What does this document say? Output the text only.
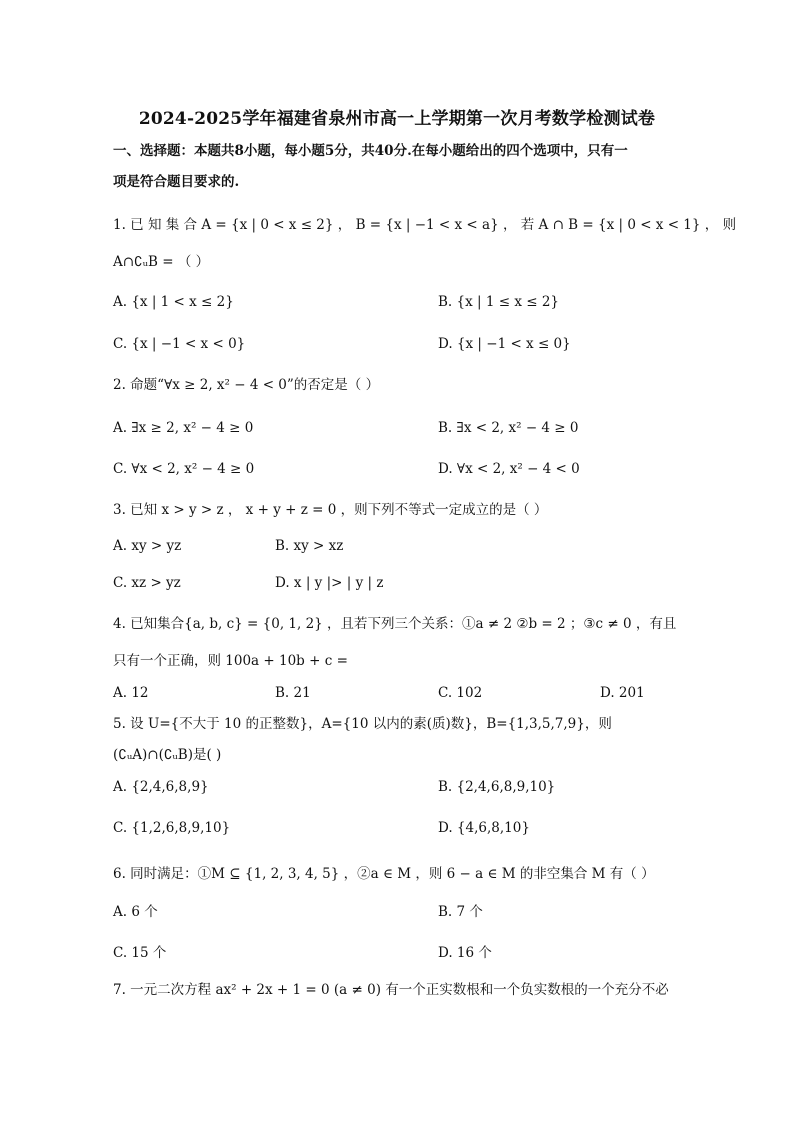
2024-2025学年福建省泉州市高一上学期第一次月考数学检测试卷
一、选择题：本题共8小题，每小题5分，共40分.在每小题给出的四个选项中，只有一
项是符合题目要求的.
1. 已 知 集 合 A = {x | 0 < x ≤ 2} ， B = {x | −1 < x < a} ， 若 A ∩ B = {x | 0 < x < 1} ， 则
A∩∁ᵤB = （ ）
A. {x | 1 < x ≤ 2}	B. {x | 1 ≤ x ≤ 2}
C. {x | −1 < x < 0}	D. {x | −1 < x ≤ 0}
2. 命题“∀x ≥ 2, x² − 4 < 0”的否定是（ ）
A. ∃x ≥ 2, x² − 4 ≥ 0	B. ∃x < 2, x² − 4 ≥ 0
C. ∀x < 2, x² − 4 ≥ 0	D. ∀x < 2, x² − 4 < 0
3. 已知 x > y > z ， x + y + z = 0 ，则下列不等式一定成立的是（ ）
A. xy > yz	B. xy > xz
C. xz > yz	D. x | y |> | y | z
4. 已知集合{a, b, c} = {0, 1, 2} ，且若下列三个关系：①a ≠ 2 ②b = 2 ；③c ≠ 0 ，有且
只有一个正确，则 100a + 10b + c =
A. 12	B. 21	C. 102	D. 201
5. 设 U={不大于 10 的正整数}，A={10 以内的素(质)数}，B={1,3,5,7,9}，则
(∁ᵤA)∩(∁ᵤB)是( )
A. {2,4,6,8,9}	B. {2,4,6,8,9,10}
C. {1,2,6,8,9,10}	D. {4,6,8,10}
6. 同时满足：①M ⊆ {1, 2, 3, 4, 5} ，②a ∈ M ，则 6 − a ∈ M 的非空集合 M 有（ ）
A. 6 个	B. 7 个
C. 15 个	D. 16 个
7. 一元二次方程 ax² + 2x + 1 = 0 (a ≠ 0) 有一个正实数根和一个负实数根的一个充分不必
